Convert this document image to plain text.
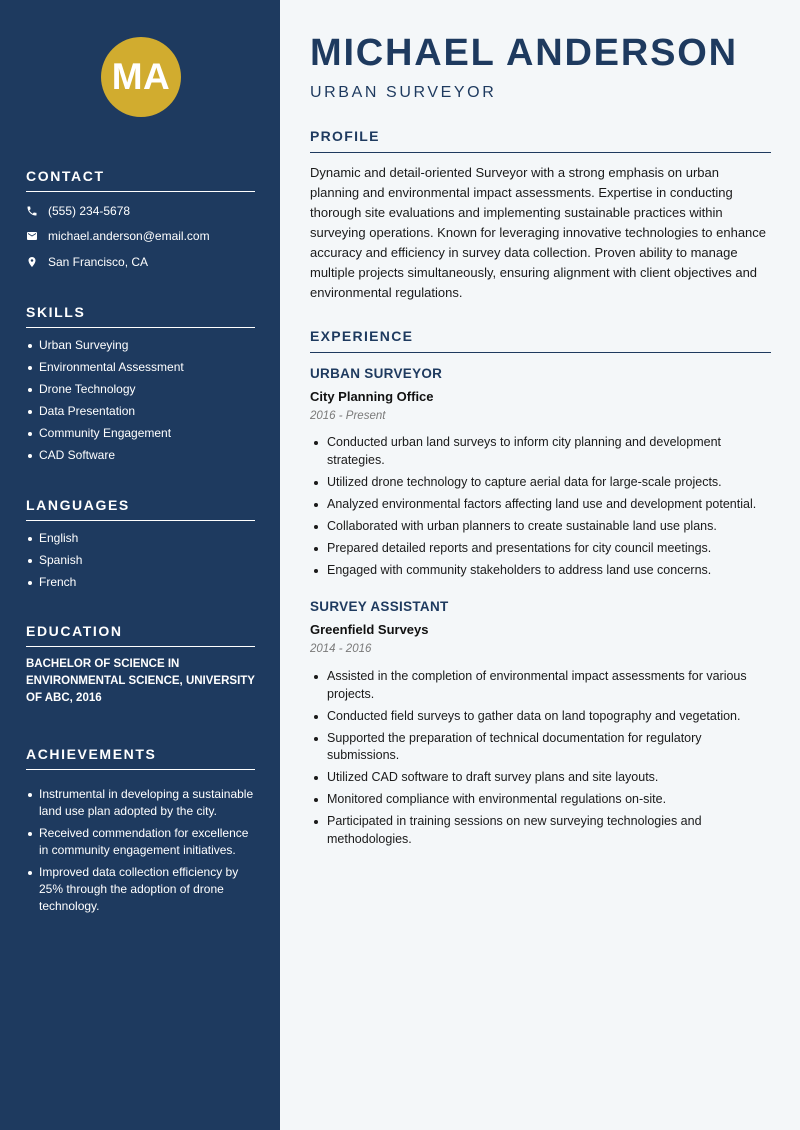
MA
CONTACT
(555) 234-5678
michael.anderson@email.com
San Francisco, CA
SKILLS
Urban Surveying
Environmental Assessment
Drone Technology
Data Presentation
Community Engagement
CAD Software
LANGUAGES
English
Spanish
French
EDUCATION
BACHELOR OF SCIENCE IN ENVIRONMENTAL SCIENCE, UNIVERSITY OF ABC, 2016
ACHIEVEMENTS
Instrumental in developing a sustainable land use plan adopted by the city.
Received commendation for excellence in community engagement initiatives.
Improved data collection efficiency by 25% through the adoption of drone technology.
MICHAEL ANDERSON
URBAN SURVEYOR
PROFILE
Dynamic and detail-oriented Surveyor with a strong emphasis on urban planning and environmental impact assessments. Expertise in conducting thorough site evaluations and implementing sustainable practices within surveying operations. Known for leveraging innovative technologies to enhance accuracy and efficiency in survey data collection. Proven ability to manage multiple projects simultaneously, ensuring alignment with client objectives and environmental regulations.
EXPERIENCE
URBAN SURVEYOR
City Planning Office
2016 - Present
Conducted urban land surveys to inform city planning and development strategies.
Utilized drone technology to capture aerial data for large-scale projects.
Analyzed environmental factors affecting land use and development potential.
Collaborated with urban planners to create sustainable land use plans.
Prepared detailed reports and presentations for city council meetings.
Engaged with community stakeholders to address land use concerns.
SURVEY ASSISTANT
Greenfield Surveys
2014 - 2016
Assisted in the completion of environmental impact assessments for various projects.
Conducted field surveys to gather data on land topography and vegetation.
Supported the preparation of technical documentation for regulatory submissions.
Utilized CAD software to draft survey plans and site layouts.
Monitored compliance with environmental regulations on-site.
Participated in training sessions on new surveying technologies and methodologies.
